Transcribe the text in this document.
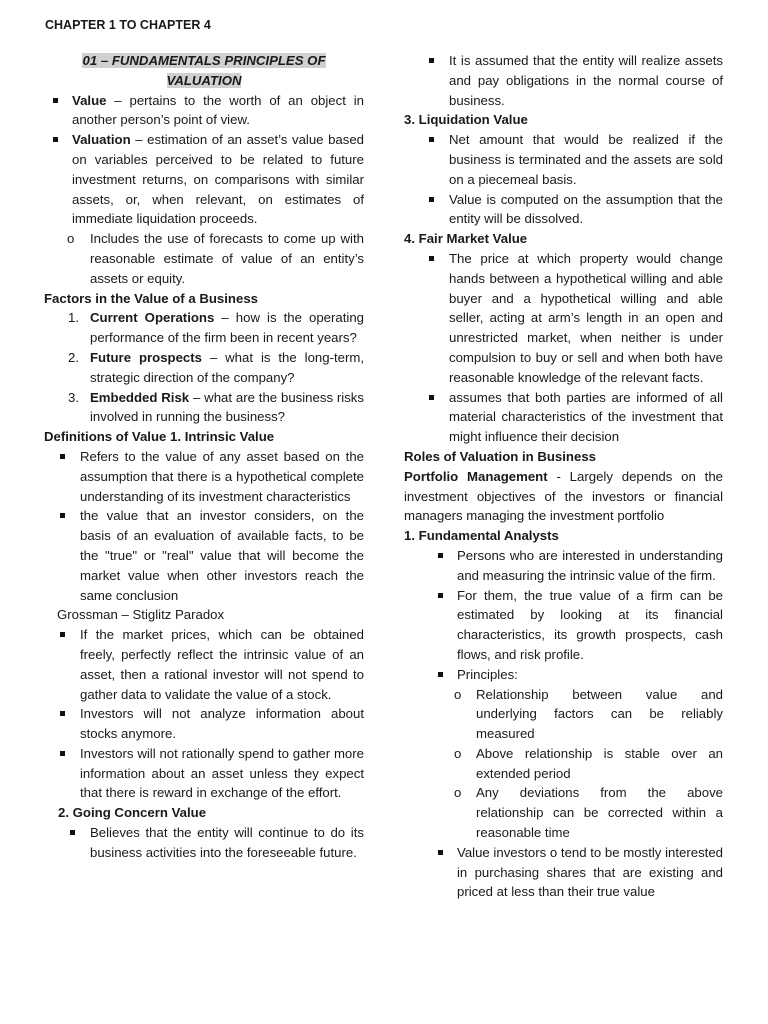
CHAPTER 1 TO CHAPTER 4
01 – FUNDAMENTALS PRINCIPLES OF
VALUATION
Value – pertains to the worth of an object in another person’s point of view.
Valuation – estimation of an asset’s value based on variables perceived to be related to future investment returns, on comparisons with similar assets, or, when relevant, on estimates of immediate liquidation proceeds.
o Includes the use of forecasts to come up with reasonable estimate of value of an entity’s assets or equity.
Factors in the Value of a Business
1. Current Operations – how is the operating performance of the firm been in recent years?
2. Future prospects – what is the long-term, strategic direction of the company?
3. Embedded Risk – what are the business risks involved in running the business?
Definitions of Value 1. Intrinsic Value
Refers to the value of any asset based on the assumption that there is a hypothetical complete understanding of its investment characteristics
the value that an investor considers, on the basis of an evaluation of available facts, to be the "true" or "real" value that will become the market value when other investors reach the same conclusion
Grossman – Stiglitz Paradox
If the market prices, which can be obtained freely, perfectly reflect the intrinsic value of an asset, then a rational investor will not spend to gather data to validate the value of a stock.
Investors will not analyze information about stocks anymore.
Investors will not rationally spend to gather more information about an asset unless they expect that there is reward in exchange of the effort.
2. Going Concern Value
Believes that the entity will continue to do its business activities into the foreseeable future.
It is assumed that the entity will realize assets and pay obligations in the normal course of business.
3. Liquidation Value
Net amount that would be realized if the business is terminated and the assets are sold on a piecemeal basis.
Value is computed on the assumption that the entity will be dissolved.
4. Fair Market Value
The price at which property would change hands between a hypothetical willing and able buyer and a hypothetical willing and able seller, acting at arm’s length in an open and unrestricted market, when neither is under compulsion to buy or sell and when both have reasonable knowledge of the relevant facts.
assumes that both parties are informed of all material characteristics of the investment that might influence their decision
Roles of Valuation in Business
Portfolio Management - Largely depends on the investment objectives of the investors or financial managers managing the investment portfolio
1. Fundamental Analysts
Persons who are interested in understanding and measuring the intrinsic value of the firm.
For them, the true value of a firm can be estimated by looking at its financial characteristics, its growth prospects, cash flows, and risk profile.
Principles:
o Relationship between value and underlying factors can be reliably measured
o Above relationship is stable over an extended period
o Any deviations from the above relationship can be corrected within a reasonable time
Value investors o tend to be mostly interested in purchasing shares that are existing and priced at less than their true value
